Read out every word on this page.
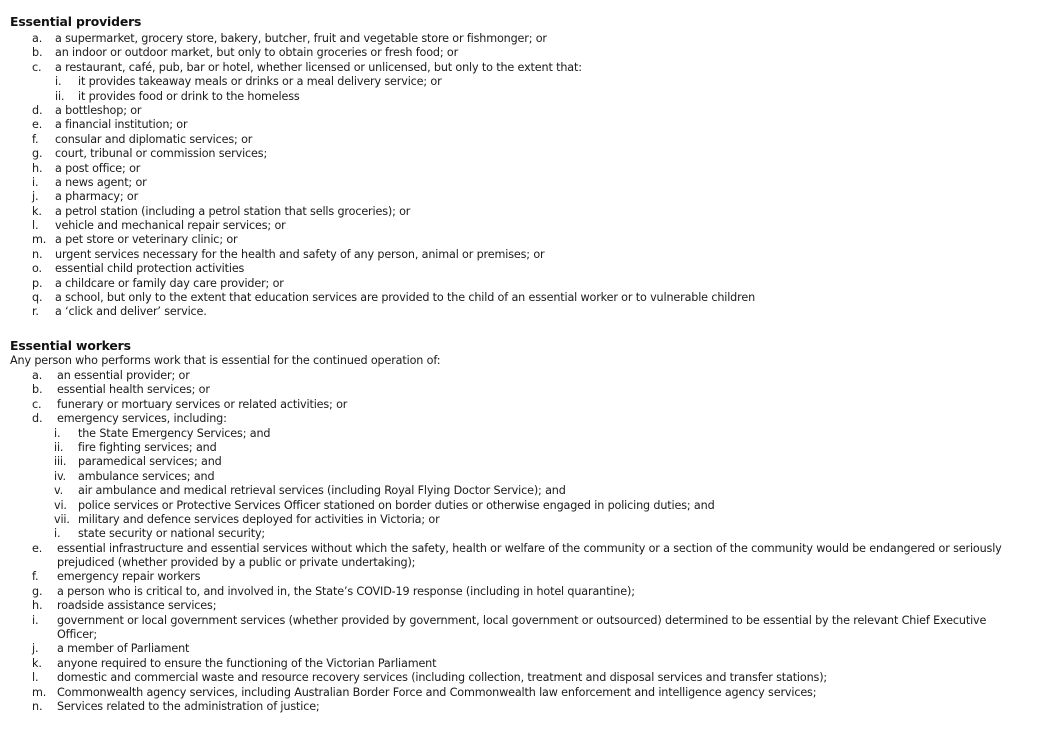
Essential providers
a. a supermarket, grocery store, bakery, butcher, fruit and vegetable store or fishmonger; or
b. an indoor or outdoor market, but only to obtain groceries or fresh food; or
c. a restaurant, café, pub, bar or hotel, whether licensed or unlicensed, but only to the extent that:
i. it provides takeaway meals or drinks or a meal delivery service; or
ii. it provides food or drink to the homeless
d. a bottleshop; or
e. a financial institution; or
f. consular and diplomatic services; or
g. court, tribunal or commission services;
h. a post office; or
i. a news agent; or
j. a pharmacy; or
k. a petrol station (including a petrol station that sells groceries); or
l. vehicle and mechanical repair services; or
m. a pet store or veterinary clinic; or
n. urgent services necessary for the health and safety of any person, animal or premises; or
o. essential child protection activities
p. a childcare or family day care provider; or
q. a school, but only to the extent that education services are provided to the child of an essential worker or to vulnerable children
r. a ‘click and deliver’ service.
Essential workers
Any person who performs work that is essential for the continued operation of:
a. an essential provider; or
b. essential health services; or
c. funerary or mortuary services or related activities; or
d. emergency services, including:
i. the State Emergency Services; and
ii. fire fighting services; and
iii. paramedical services; and
iv. ambulance services; and
v. air ambulance and medical retrieval services (including Royal Flying Doctor Service); and
vi. police services or Protective Services Officer stationed on border duties or otherwise engaged in policing duties; and
vii. military and defence services deployed for activities in Victoria; or
i. state security or national security;
e. essential infrastructure and essential services without which the safety, health or welfare of the community or a section of the community would be endangered or seriously prejudiced (whether provided by a public or private undertaking);
f. emergency repair workers
g. a person who is critical to, and involved in, the State’s COVID-19 response (including in hotel quarantine);
h. roadside assistance services;
i. government or local government services (whether provided by government, local government or outsourced) determined to be essential by the relevant Chief Executive Officer;
j. a member of Parliament
k. anyone required to ensure the functioning of the Victorian Parliament
l. domestic and commercial waste and resource recovery services (including collection, treatment and disposal services and transfer stations);
m. Commonwealth agency services, including Australian Border Force and Commonwealth law enforcement and intelligence agency services;
n. Services related to the administration of justice;
